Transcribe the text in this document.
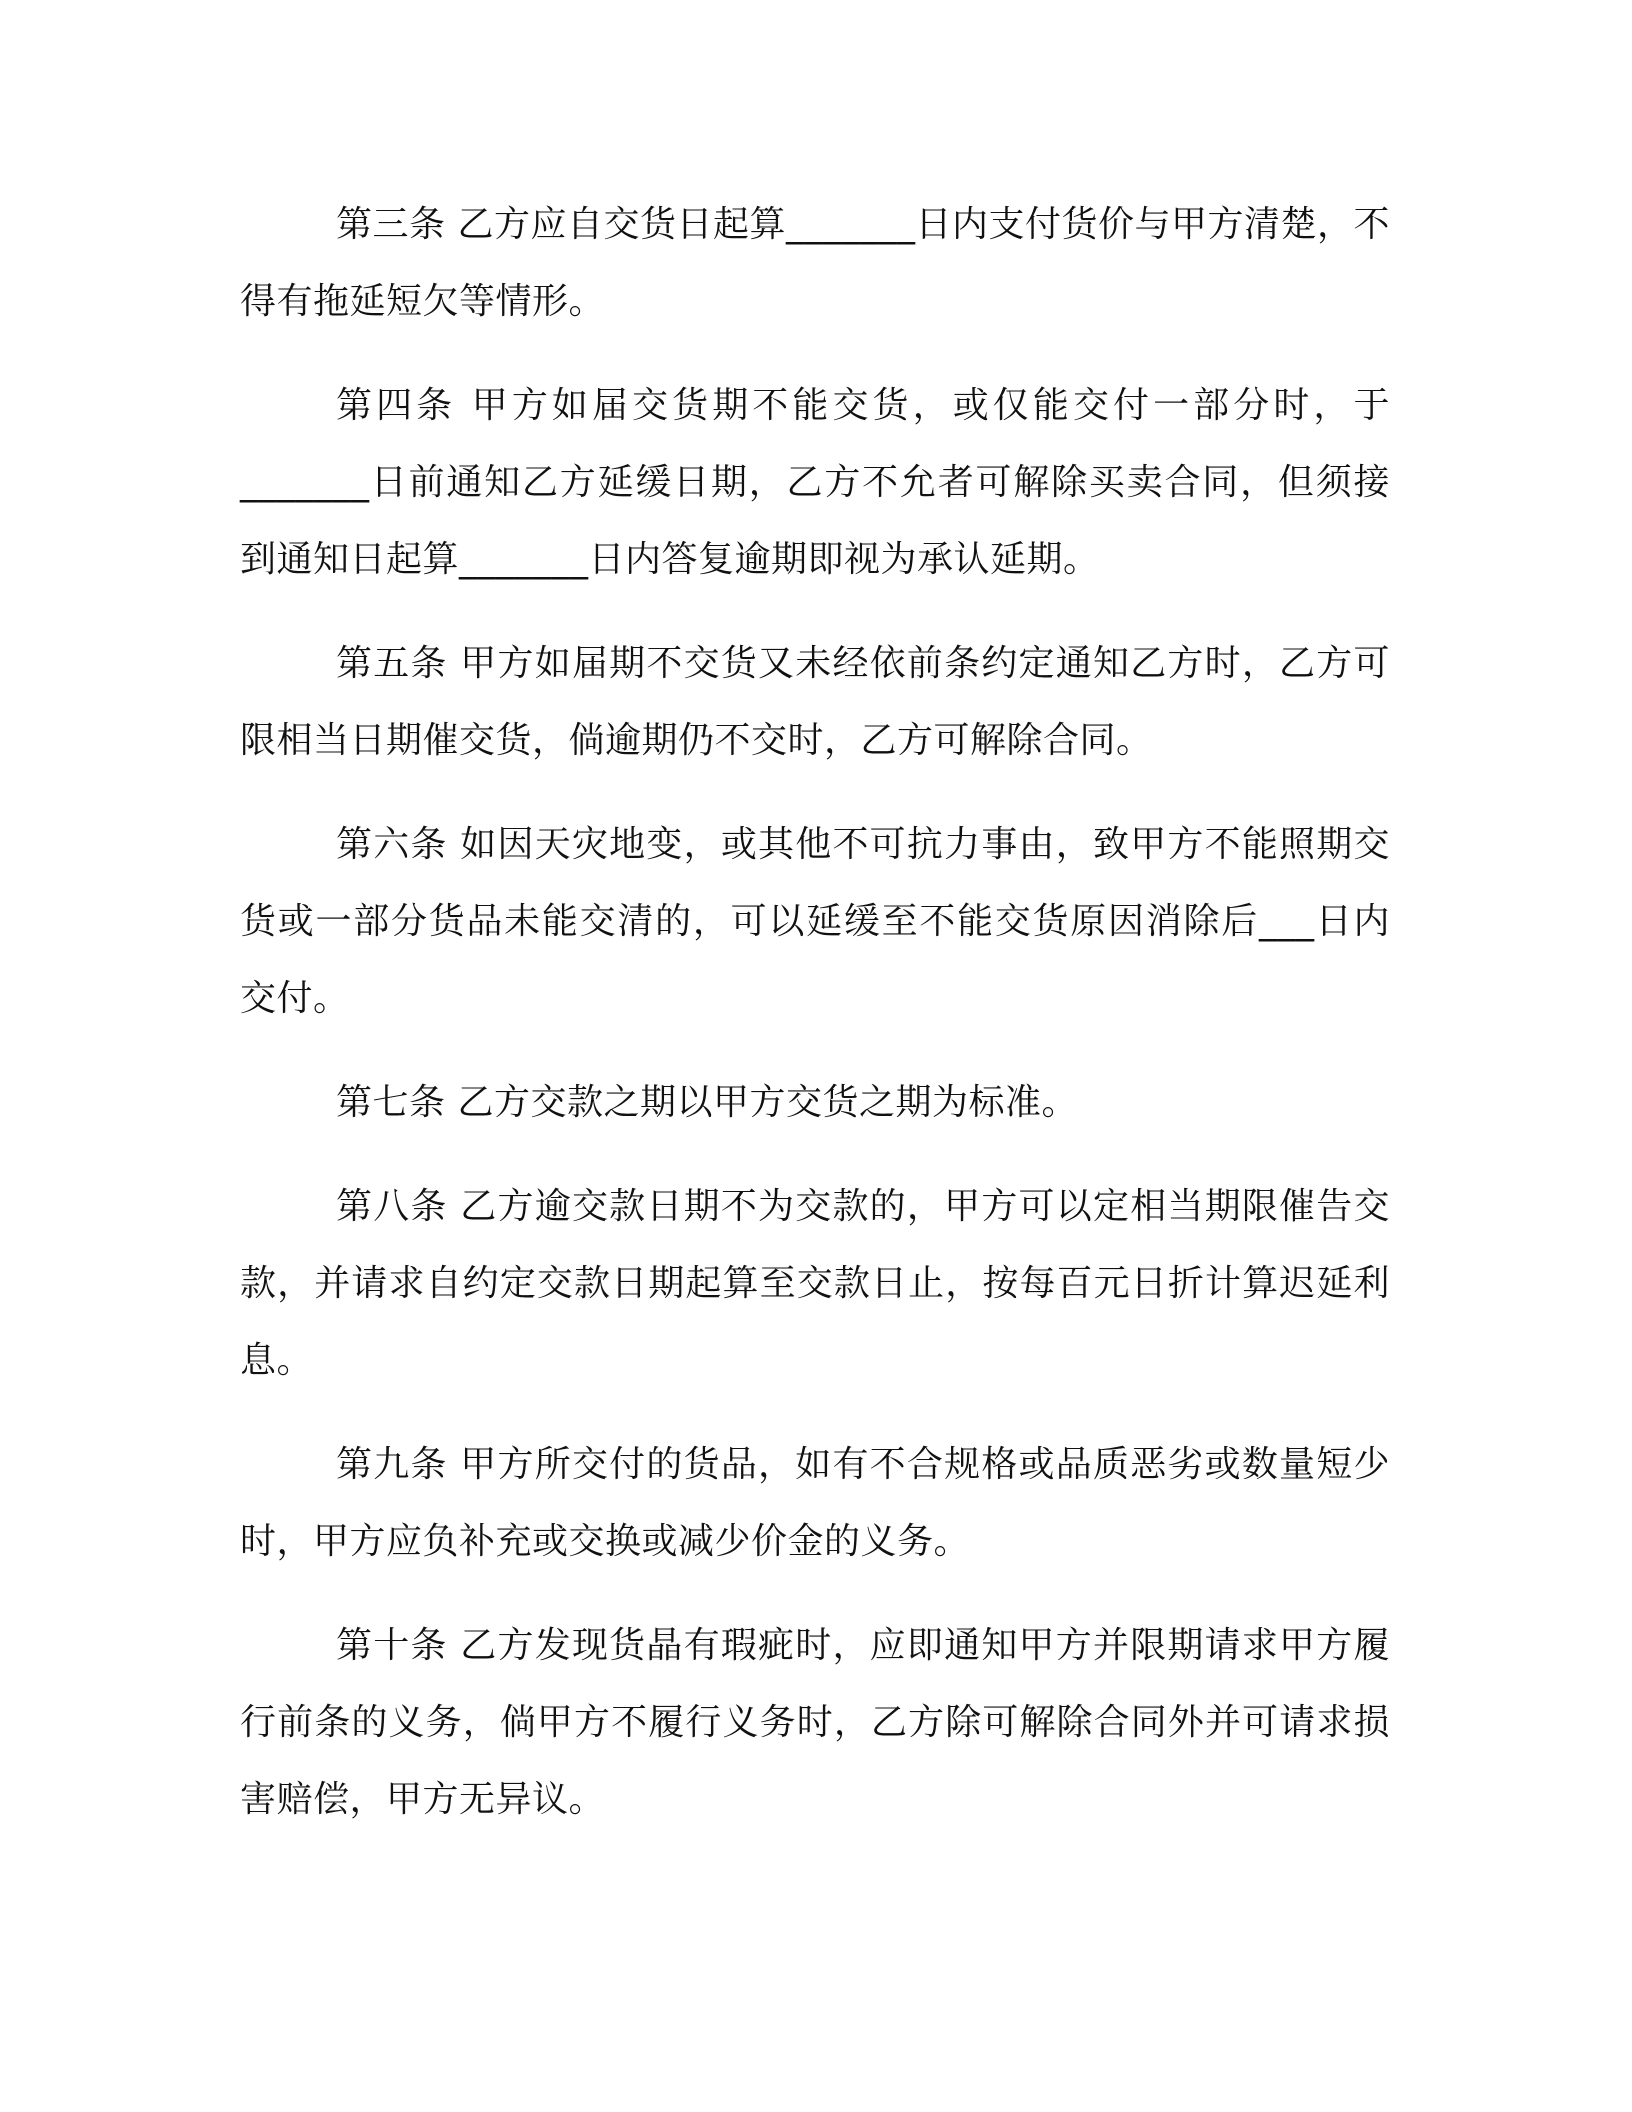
第三条 乙方应自交货日起算_______日内支付货价与甲方清楚，不得有拖延短欠等情形。

第四条 甲方如届交货期不能交货，或仅能交付一部分时，于_______日前通知乙方延缓日期，乙方不允者可解除买卖合同，但须接到通知日起算_______日内答复逾期即视为承认延期。

第五条 甲方如届期不交货又未经依前条约定通知乙方时，乙方可限相当日期催交货，倘逾期仍不交时，乙方可解除合同。

第六条 如因天灾地变，或其他不可抗力事由，致甲方不能照期交货或一部分货品未能交清的，可以延缓至不能交货原因消除后___日内交付。

第七条 乙方交款之期以甲方交货之期为标准。

第八条 乙方逾交款日期不为交款的，甲方可以定相当期限催告交款，并请求自约定交款日期起算至交款日止，按每百元日折计算迟延利息。

第九条 甲方所交付的货品，如有不合规格或品质恶劣或数量短少时，甲方应负补充或交换或减少价金的义务。

第十条 乙方发现货晶有瑕疵时，应即通知甲方并限期请求甲方履行前条的义务，倘甲方不履行义务时，乙方除可解除合同外并可请求损害赔偿，甲方无异议。
